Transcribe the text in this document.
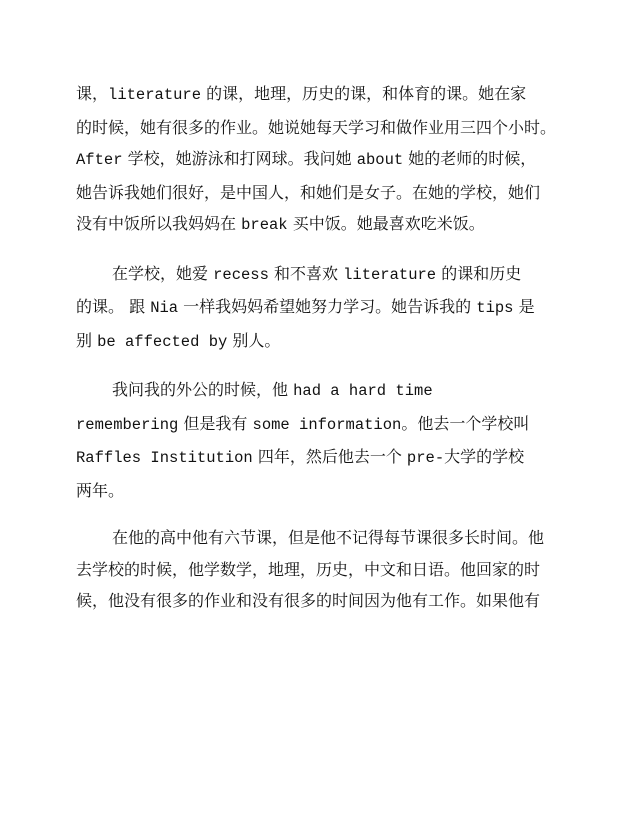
课，literature 的课，地理，历史的课，和体育的课。她在家
的时候，她有很多的作业。她说她每天学习和做作业用三四个小时。
After 学校，她游泳和打网球。我问她 about 她的老师的时候，
她告诉我她们很好，是中国人，和她们是女子。在她的学校，她们
没有中饭所以我妈妈在 break 买中饭。她最喜欢吃米饭。

在学校，她爱 recess 和不喜欢 literature 的课和历史
的课。 跟 Nia 一样我妈妈希望她努力学习。她告诉我的 tips 是
别 be affected by 别人。

我问我的外公的时候，他 had a hard time
remembering 但是我有 some information。他去一个学校叫
Raffles Institution 四年，然后他去一个 pre-大学的学校
两年。

在他的高中他有六节课，但是他不记得每节课很多长时间。他
去学校的时候，他学数学，地理，历史，中文和日语。他回家的时
候，他没有很多的作业和没有很多的时间因为他有工作。如果他有
